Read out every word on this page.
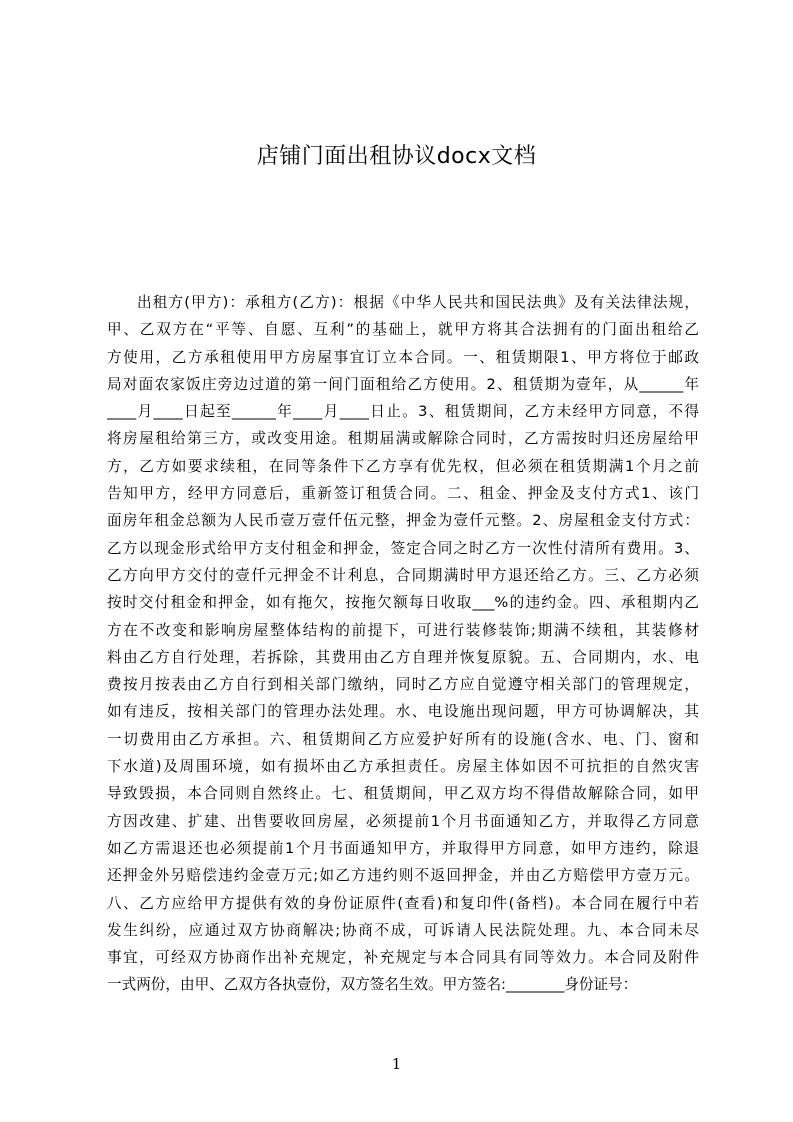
店铺门面出租协议docx文档
出租方(甲方)：承租方(乙方)：根据《中华人民共和国民法典》及有关法律法规，
甲、乙双方在“平等、自愿、互利”的基础上，就甲方将其合法拥有的门面出租给乙
方使用，乙方承租使用甲方房屋事宜订立本合同。一、租赁期限1、甲方将位于邮政
局对面农家饭庄旁边过道的第一间门面租给乙方使用。2、租赁期为壹年，从______年
____月____日起至______年____月____日止。3、租赁期间，乙方未经甲方同意，不得
将房屋租给第三方，或改变用途。租期届满或解除合同时，乙方需按时归还房屋给甲
方，乙方如要求续租，在同等条件下乙方享有优先权，但必须在租赁期满1个月之前
告知甲方，经甲方同意后，重新签订租赁合同。二、租金、押金及支付方式1、该门
面房年租金总额为人民币壹万壹仟伍元整，押金为壹仟元整。2、房屋租金支付方式：
乙方以现金形式给甲方支付租金和押金，签定合同之时乙方一次性付清所有费用。3、
乙方向甲方交付的壹仟元押金不计利息，合同期满时甲方退还给乙方。三、乙方必须
按时交付租金和押金，如有拖欠，按拖欠额每日收取___%的违约金。四、承租期内乙
方在不改变和影响房屋整体结构的前提下，可进行装修装饰;期满不续租，其装修材
料由乙方自行处理，若拆除，其费用由乙方自理并恢复原貌。五、合同期内，水、电
费按月按表由乙方自行到相关部门缴纳，同时乙方应自觉遵守相关部门的管理规定，
如有违反，按相关部门的管理办法处理。水、电设施出现问题，甲方可协调解决，其
一切费用由乙方承担。六、租赁期间乙方应爱护好所有的设施(含水、电、门、窗和
下水道)及周围环境，如有损坏由乙方承担责任。房屋主体如因不可抗拒的自然灾害
导致毁损，本合同则自然终止。七、租赁期间，甲乙双方均不得借故解除合同，如甲
方因改建、扩建、出售要收回房屋，必须提前1个月书面通知乙方，并取得乙方同意
如乙方需退还也必须提前1个月书面通知甲方，并取得甲方同意，如甲方违约，除退
还押金外另赔偿违约金壹万元;如乙方违约则不返回押金，并由乙方赔偿甲方壹万元。
八、乙方应给甲方提供有效的身份证原件(查看)和复印件(备档)。本合同在履行中若
发生纠纷，应通过双方协商解决;协商不成，可诉请人民法院处理。九、本合同未尽
事宜，可经双方协商作出补充规定，补充规定与本合同具有同等效力。本合同及附件
一式两份，由甲、乙双方各执壹份，双方签名生效。甲方签名:________身份证号：
1
